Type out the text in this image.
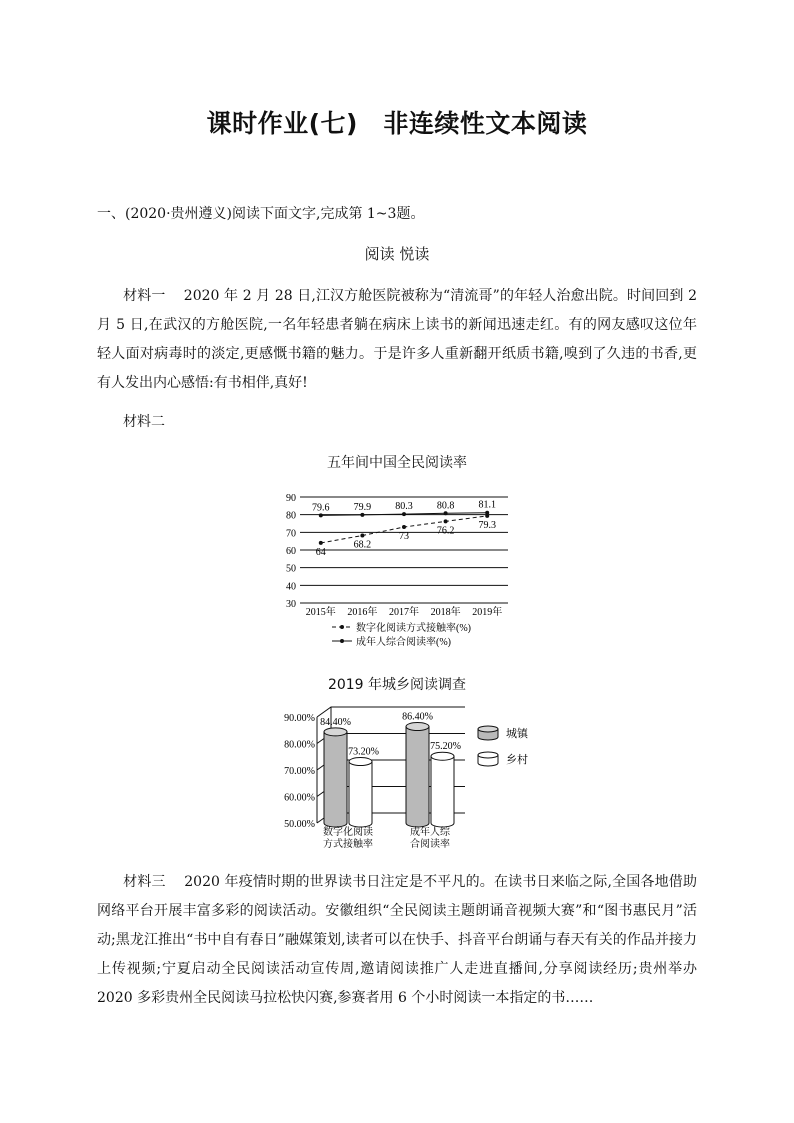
课时作业(七)　非连续性文本阅读
一、(2020·贵州遵义)阅读下面文字,完成第 1~3题。
阅读 悦读
材料一 2020 年 2 月 28 日,江汉方舱医院被称为“清流哥”的年轻人治愈出院。时间回到 2 月 5 日,在武汉的方舱医院,一名年轻患者躺在病床上读书的新闻迅速走红。有的网友感叹这位年轻人面对病毒时的淡定,更感慨书籍的魅力。于是许多人重新翻开纸质书籍,嗅到了久违的书香,更有人发出内心感悟:有书相伴,真好!
材料二
五年间中国全民阅读率
30
40
50
60
70
80
90
2015年 2016年 2017年 2018年 2019年
64
68.2
73
76.2 79.3
79.6 79.9 80.3 80.8 81.1
数字化阅读方式接触率(%)
成年人综合阅读率(%)
2019 年城乡阅读调查
50.00%
60.00%
70.00%
80.00%
90.00% 84.40%
73.20%
86.40%
75.20%
数字化阅读
方式接触率
成年人综
合阅读率
城镇
乡村
材料三 2020 年疫情时期的世界读书日注定是不平凡的。在读书日来临之际,全国各地借助网络平台开展丰富多彩的阅读活动。安徽组织“全民阅读主题朗诵音视频大赛”和“图书惠民月”活动;黑龙江推出“书中自有春日”融媒策划,读者可以在快手、抖音平台朗诵与春天有关的作品并接力上传视频;宁夏启动全民阅读活动宣传周,邀请阅读推广人走进直播间,分享阅读经历;贵州举办 2020 多彩贵州全民阅读马拉松快闪赛,参赛者用 6 个小时阅读一本指定的书……
